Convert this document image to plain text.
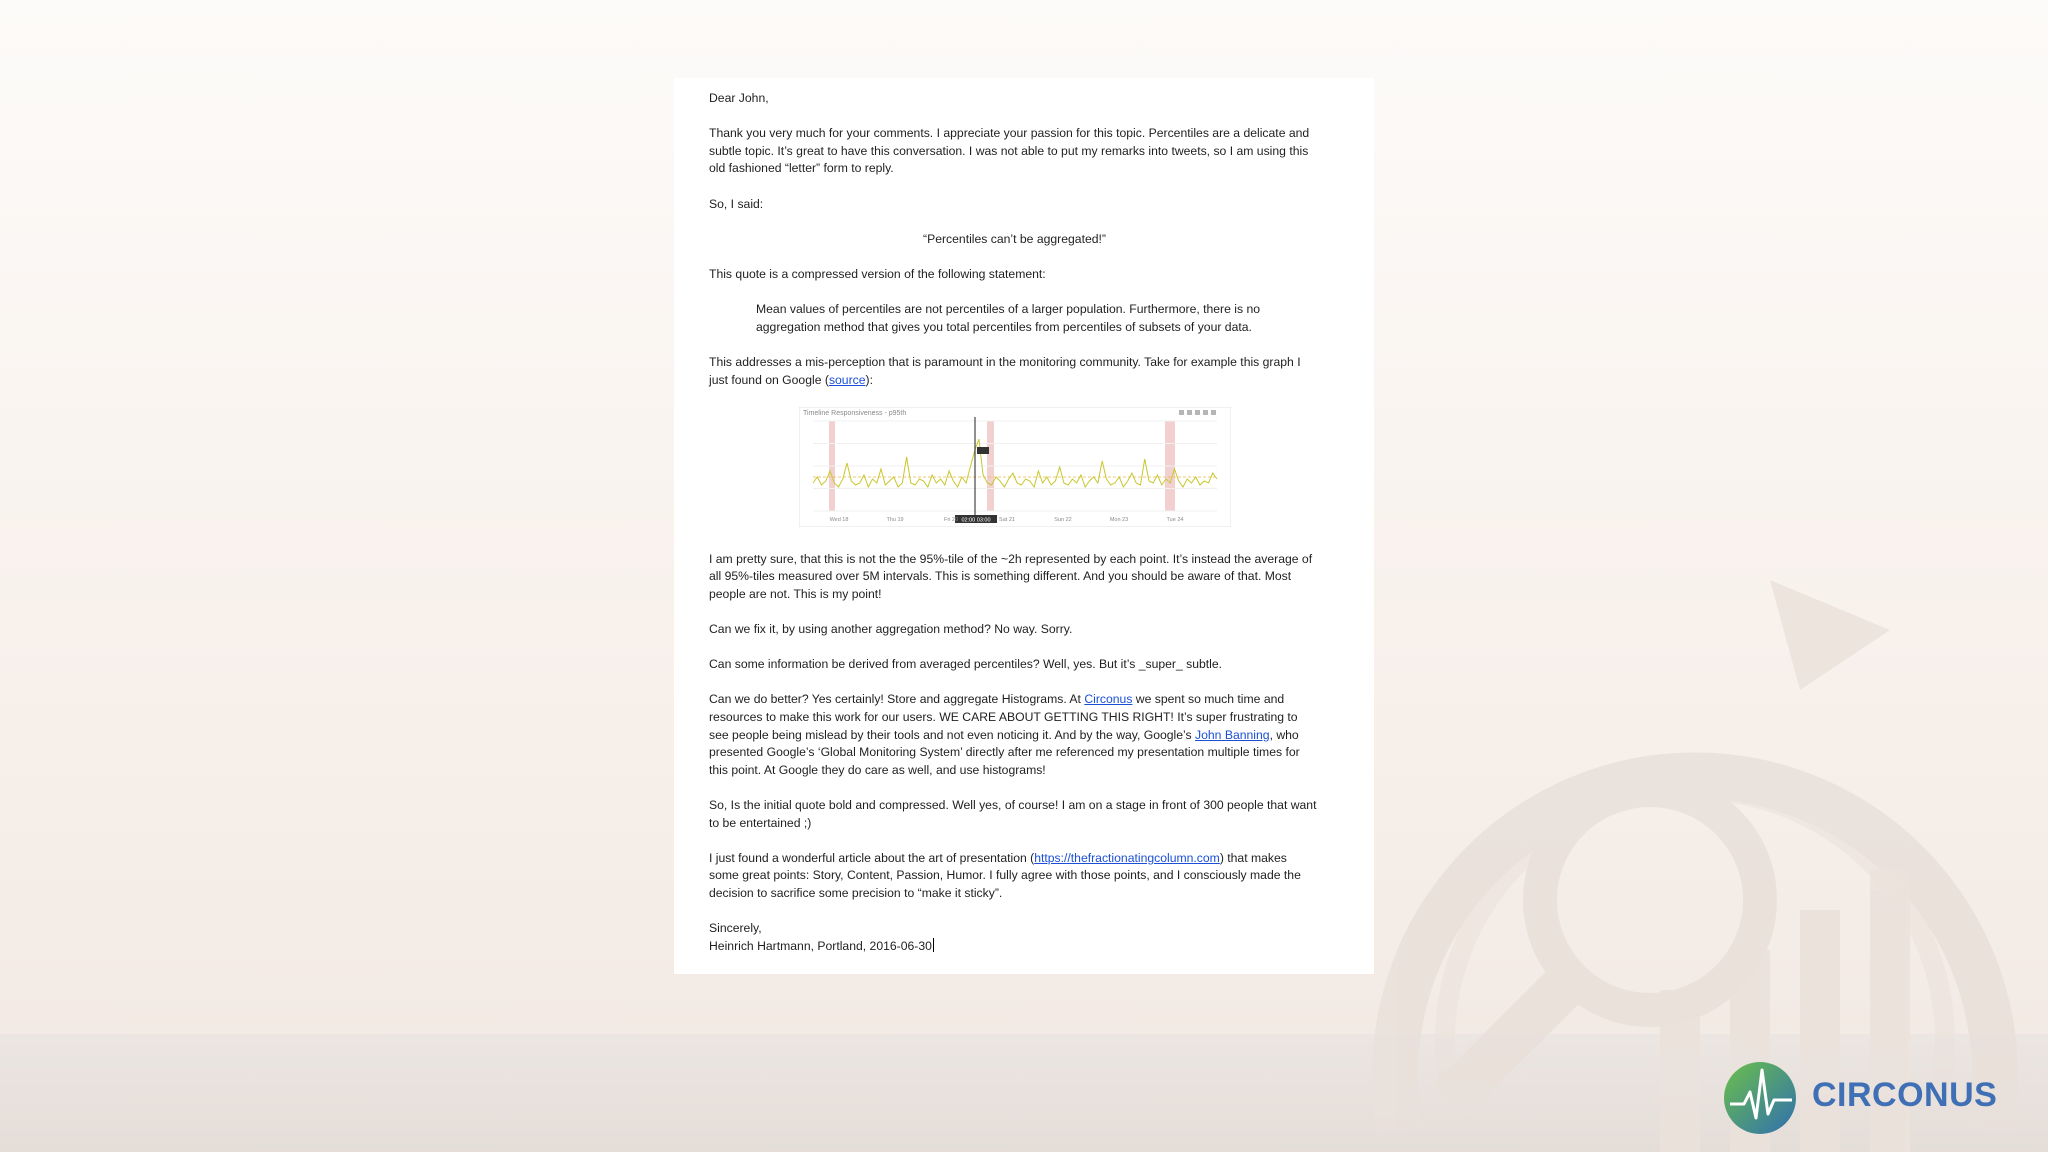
Dear John,

Thank you very much for your comments. I appreciate your passion for this topic. Percentiles are a delicate and subtle topic. It’s great to have this conversation. I was not able to put my remarks into tweets, so I am using this old fashioned “letter” form to reply.

So, I said:

“Percentiles can’t be aggregated!”

This quote is a compressed version of the following statement:

Mean values of percentiles are not percentiles of a larger population. Furthermore, there is no aggregation method that gives you total percentiles from percentiles of subsets of your data.

This addresses a mis-perception that is paramount in the monitoring community. Take for example this graph I just found on Google (source):

Timeline Responsiveness - p95th
02:00 03:00
Wed 18	Thu 19	Fri 20	Sat 21	Sun 22	Mon 23	Tue 24

I am pretty sure, that this is not the the 95%-tile of the ~2h represented by each point. It’s instead the average of all 95%-tiles measured over 5M intervals. This is something different. And you should be aware of that. Most people are not. This is my point!

Can we fix it, by using another aggregation method? No way. Sorry.

Can some information be derived from averaged percentiles? Well, yes. But it’s _super_ subtle.

Can we do better? Yes certainly! Store and aggregate Histograms. At Circonus we spent so much time and resources to make this work for our users. WE CARE ABOUT GETTING THIS RIGHT! It’s super frustrating to see people being mislead by their tools and not even noticing it. And by the way, Google’s John Banning, who presented Google’s ‘Global Monitoring System’ directly after me referenced my presentation multiple times for this point. At Google they do care as well, and use histograms!

So, Is the initial quote bold and compressed. Well yes, of course! I am on a stage in front of 300 people that want to be entertained ;)

I just found a wonderful article about the art of presentation (https://thefractionatingcolumn.com) that makes some great points: Story, Content, Passion, Humor. I fully agree with those points, and I consciously made the decision to sacrifice some precision to “make it sticky”.

Sincerely,

Heinrich Hartmann, Portland, 2016-06-30

CIRCONUS
